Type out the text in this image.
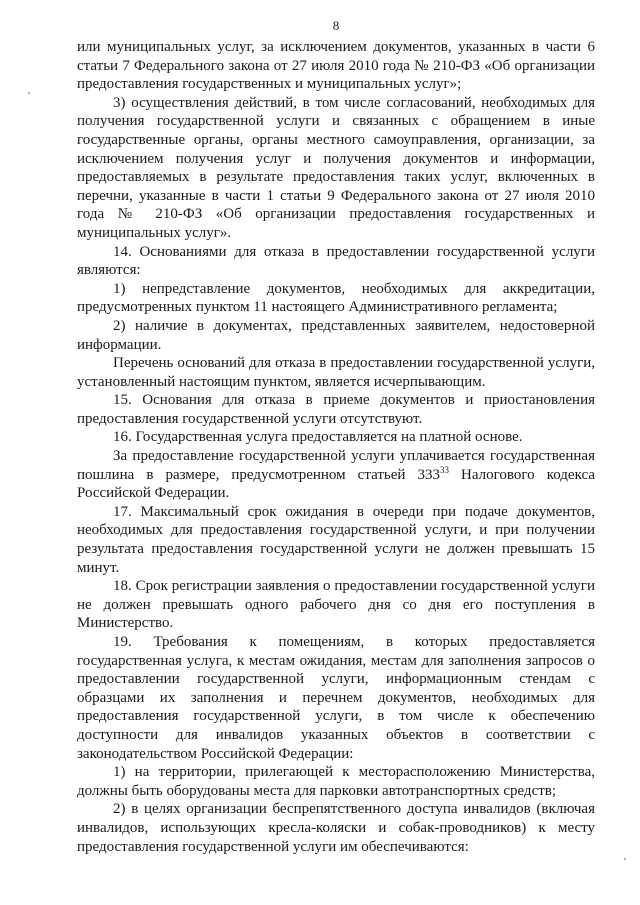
8

или муниципальных услуг, за исключением документов, указанных в части 6 статьи 7 Федерального закона от 27 июля 2010 года № 210-ФЗ «Об организации предоставления государственных и муниципальных услуг»;

3) осуществления действий, в том числе согласований, необходимых для получения государственной услуги и связанных с обращением в иные государственные органы, органы местного самоуправления, организации, за исключением получения услуг и получения документов и информации, предоставляемых в результате предоставления таких услуг, включенных в перечни, указанные в части 1 статьи 9 Федерального закона от 27 июля 2010 года № 210-ФЗ «Об организации предоставления государственных и муниципальных услуг».

14. Основаниями для отказа в предоставлении государственной услуги являются:

1) непредставление документов, необходимых для аккредитации, предусмотренных пунктом 11 настоящего Административного регламента;

2) наличие в документах, представленных заявителем, недостоверной информации.

Перечень оснований для отказа в предоставлении государственной услуги, установленный настоящим пунктом, является исчерпывающим.

15. Основания для отказа в приеме документов и приостановления предоставления государственной услуги отсутствуют.

16. Государственная услуга предоставляется на платной основе.

За предоставление государственной услуги уплачивается государственная пошлина в размере, предусмотренном статьей $333^{33}$ Налогового кодекса Российской Федерации.

17. Максимальный срок ожидания в очереди при подаче документов, необходимых для предоставления государственной услуги, и при получении результата предоставления государственной услуги не должен превышать 15 минут.

18. Срок регистрации заявления о предоставлении государственной услуги не должен превышать одного рабочего дня со дня его поступления в Министерство.

19. Требования к помещениям, в которых предоставляется государственная услуга, к местам ожидания, местам для заполнения запросов о предоставлении государственной услуги, информационным стендам с образцами их заполнения и перечнем документов, необходимых для предоставления государственной услуги, в том числе к обеспечению доступности для инвалидов указанных объектов в соответствии с законодательством Российской Федерации:

1) на территории, прилегающей к месторасположению Министерства, должны быть оборудованы места для парковки автотранспортных средств;

2) в целях организации беспрепятственного доступа инвалидов (включая инвалидов, использующих кресла-коляски и собак-проводников) к месту предоставления государственной услуги им обеспечиваются:
